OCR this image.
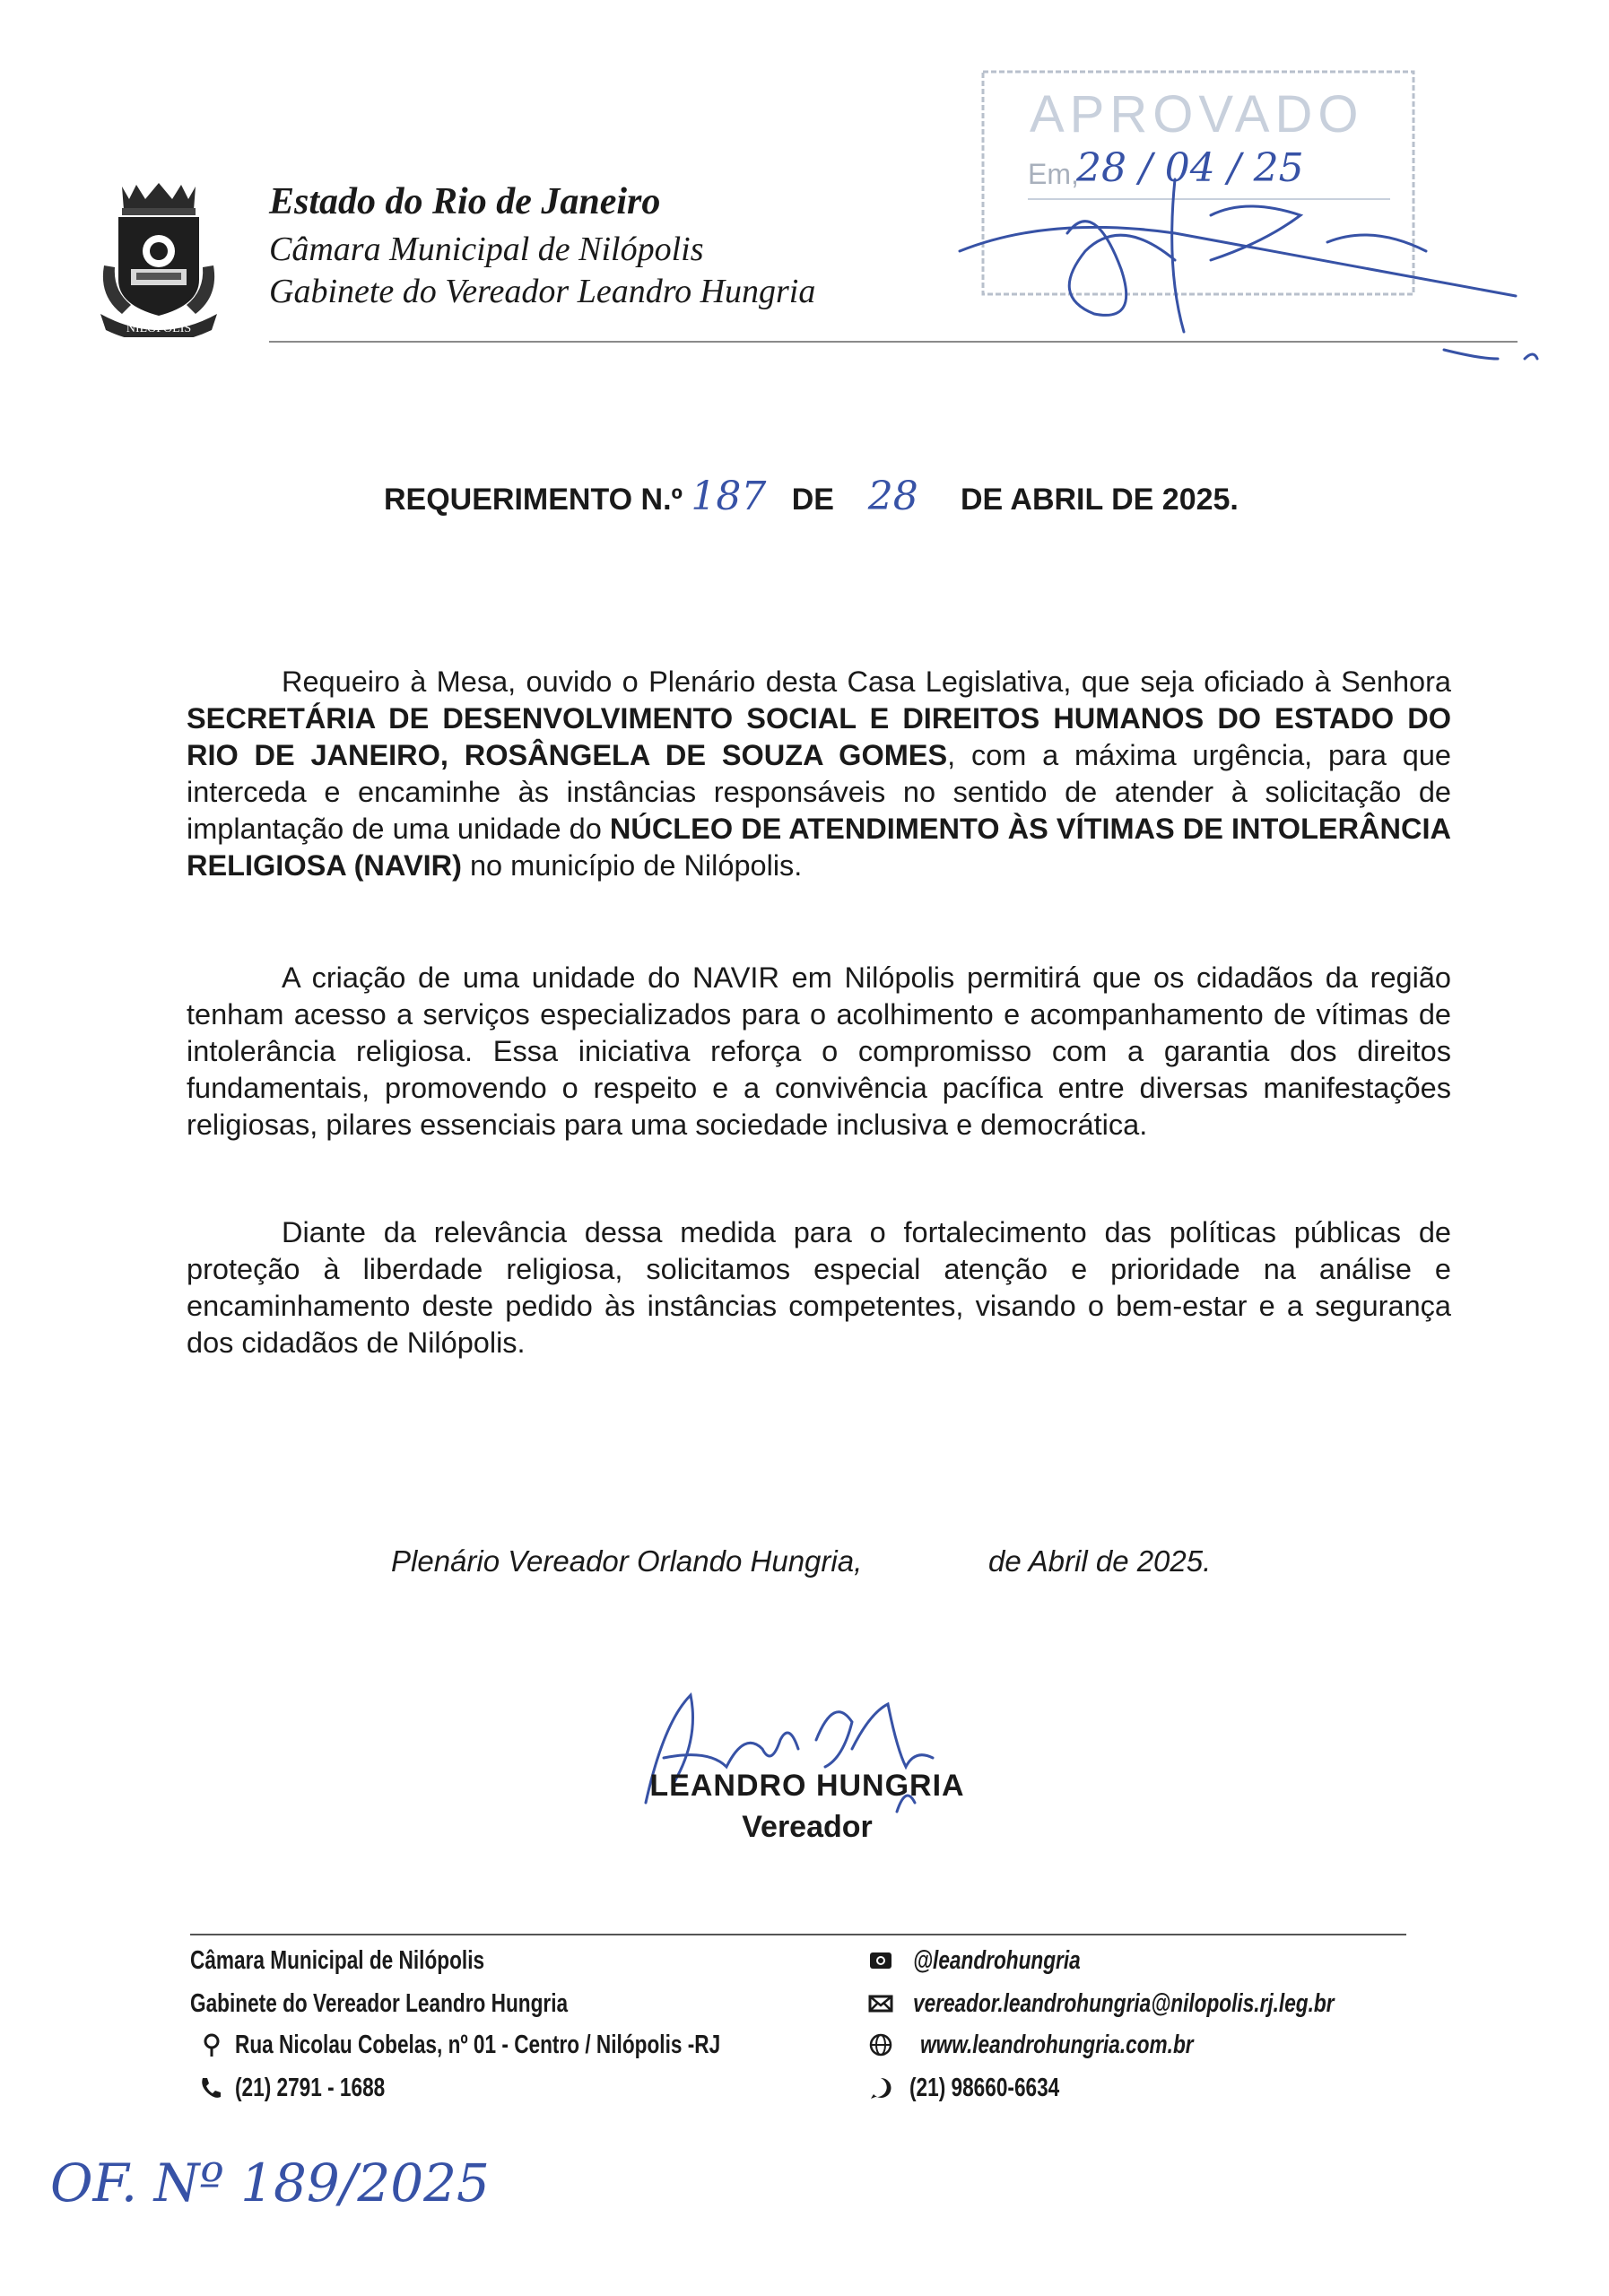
NILÓPOLIS
Estado do Rio de Janeiro
Câmara Municipal de Nilópolis
Gabinete do Vereador Leandro Hungria
APROVADO
Em,
28 / 04 / 25
REQUERIMENTO N.º 187 DE 28 DE ABRIL DE 2025.

Requeiro à Mesa, ouvido o Plenário desta Casa Legislativa, que seja oficiado à Senhora SECRETÁRIA DE DESENVOLVIMENTO SOCIAL E DIREITOS HUMANOS DO ESTADO DO RIO DE JANEIRO, ROSÂNGELA DE SOUZA GOMES, com a máxima urgência, para que interceda e encaminhe às instâncias responsáveis no sentido de atender à solicitação de implantação de uma unidade do NÚCLEO DE ATENDIMENTO ÀS VÍTIMAS DE INTOLERÂNCIA RELIGIOSA (NAVIR) no município de Nilópolis.

A criação de uma unidade do NAVIR em Nilópolis permitirá que os cidadãos da região tenham acesso a serviços especializados para o acolhimento e acompanhamento de vítimas de intolerância religiosa. Essa iniciativa reforça o compromisso com a garantia dos direitos fundamentais, promovendo o respeito e a convivência pacífica entre diversas manifestações religiosas, pilares essenciais para uma sociedade inclusiva e democrática.

Diante da relevância dessa medida para o fortalecimento das políticas públicas de proteção à liberdade religiosa, solicitamos especial atenção e prioridade na análise e encaminhamento deste pedido às instâncias competentes, visando o bem-estar e a segurança dos cidadãos de Nilópolis.

Plenário Vereador Orlando Hungria,	de Abril de 2025.
LEANDRO HUNGRIA
Vereador
Câmara Municipal de Nilópolis
Gabinete do Vereador Leandro Hungria
Rua Nicolau Cobelas, nº 01 - Centro / Nilópolis -RJ
(21) 2791 - 1688
@leandrohungria
vereador.leandrohungria@nilopolis.rj.leg.br
www.leandrohungria.com.br
(21) 98660-6634
OF. Nº 189/2025
